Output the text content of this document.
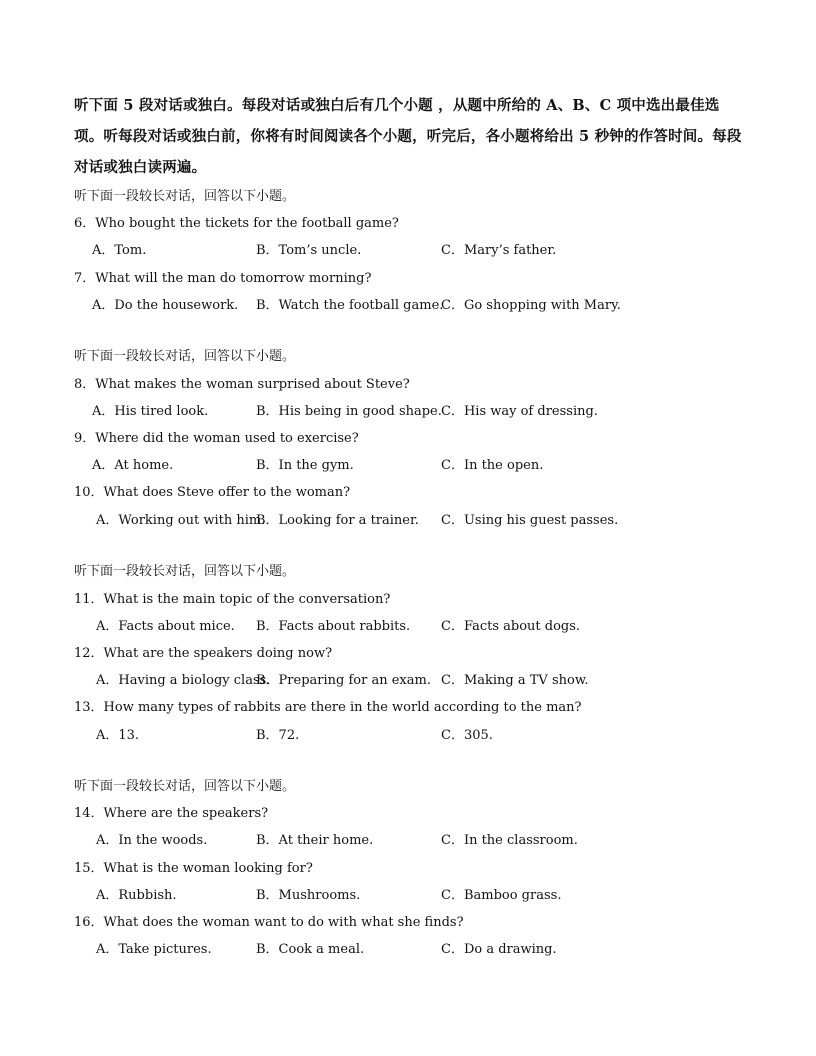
听下面 5 段对话或独白。每段对话或独白后有几个小题 ，从题中所给的 A、B、C 项中选出最佳选项。听每段对话或独白前，你将有时间阅读各个小题，听完后，各小题将给出 5 秒钟的作答时间。每段对话或独白读两遍。
听下面一段较长对话，回答以下小题。
6．Who bought the tickets for the football game?
A．Tom.	B．Tom’s uncle.	C．Mary’s father.
7．What will the man do tomorrow morning?
A．Do the housework. B．Watch the football game.
C．Go shopping with Mary.
听下面一段较长对话，回答以下小题。
8．What makes the woman surprised about Steve?
A．His tired look.	B．His being in good shape. C．His way of dressing.
9．Where did the woman used to exercise?
A．At home.	B．In the gym.	C．In the open.
10．What does Steve offer to the woman?
A．Working out with him.
B．Looking for a trainer. C．Using his guest passes.
听下面一段较长对话，回答以下小题。
11．What is the main topic of the conversation?
A．Facts about mice. B．Facts about rabbits. C．Facts about dogs.
12．What are the speakers doing now?
A．Having a biology class.
B．Preparing for an exam. C．Making a TV show.
13．How many types of rabbits are there in the world according to the man?
A．13.	B．72.	C．305.
听下面一段较长对话，回答以下小题。
14．Where are the speakers?
A．In the woods.	B．At their home.	C．In the classroom.
15．What is the woman looking for?
A．Rubbish.	B．Mushrooms.	C．Bamboo grass.
16．What does the woman want to do with what she finds?
A．Take pictures.	B．Cook a meal.	C．Do a drawing.
